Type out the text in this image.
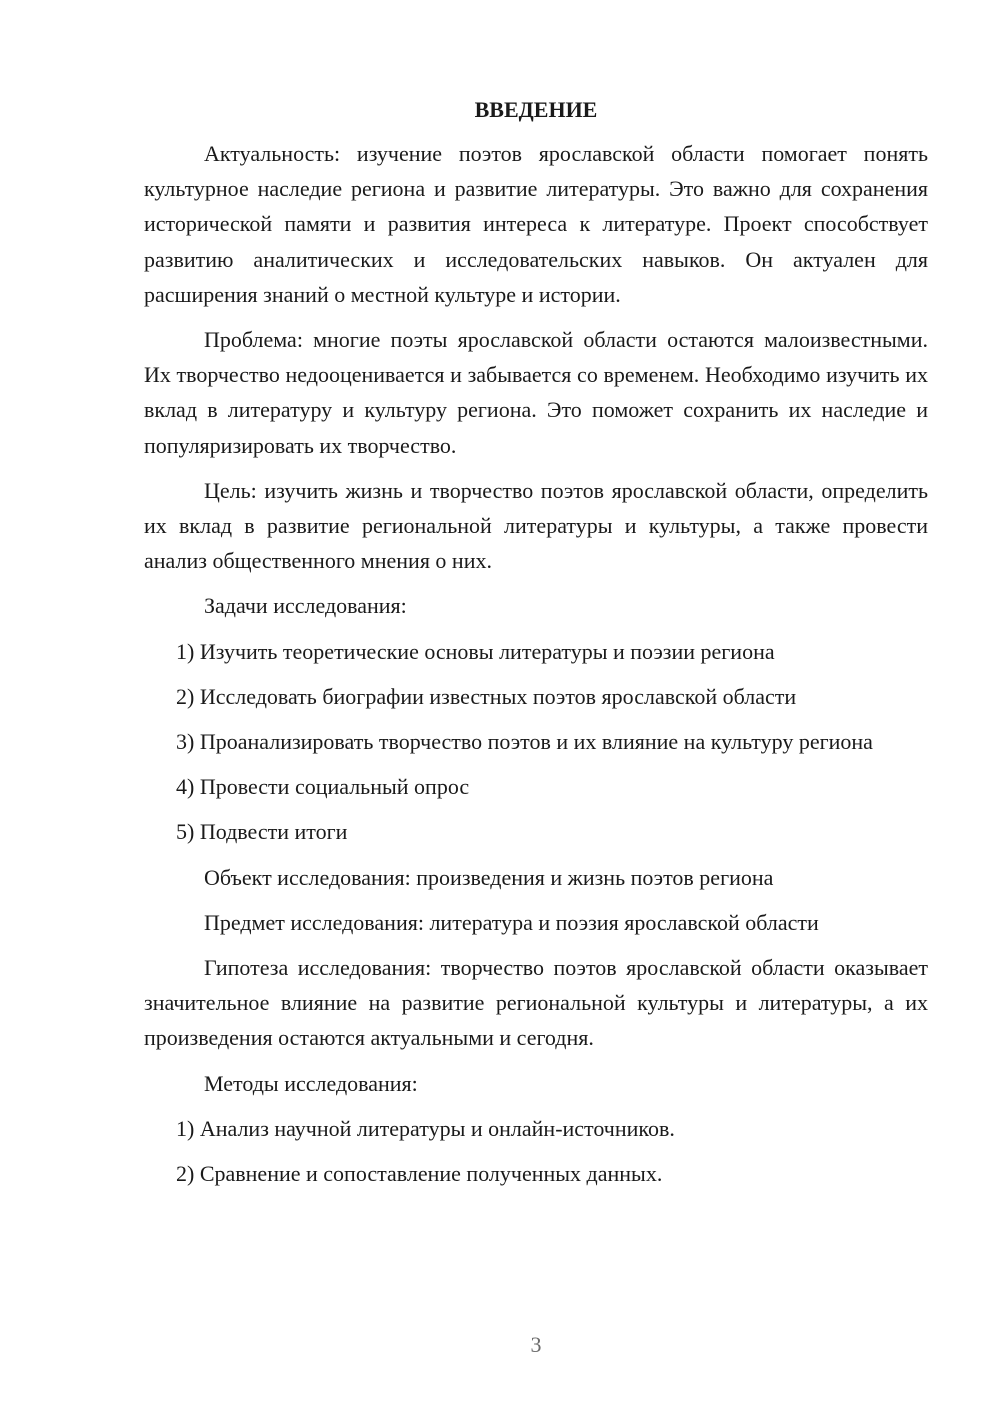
ВВЕДЕНИЕ

Актуальность: изучение поэтов ярославской области помогает понять культурное наследие региона и развитие литературы. Это важно для сохранения исторической памяти и развития интереса к литературе. Проект способствует развитию аналитических и исследовательских навыков. Он актуален для расширения знаний о местной культуре и истории.

Проблема: многие поэты ярославской области остаются малоизвестными. Их творчество недооценивается и забывается со временем. Необходимо изучить их вклад в литературу и культуру региона. Это поможет сохранить их наследие и популяризировать их творчество.

Цель: изучить жизнь и творчество поэтов ярославской области, определить их вклад в развитие региональной литературы и культуры, а также провести анализ общественного мнения о них.

Задачи исследования:

1) Изучить теоретические основы литературы и поэзии региона

2) Исследовать биографии известных поэтов ярославской области

3) Проанализировать творчество поэтов и их влияние на культуру региона

4) Провести социальный опрос

5) Подвести итоги

Объект исследования: произведения и жизнь поэтов региона

Предмет исследования: литература и поэзия ярославской области

Гипотеза исследования: творчество поэтов ярославской области оказывает значительное влияние на развитие региональной культуры и литературы, а их произведения остаются актуальными и сегодня.

Методы исследования:

1) Анализ научной литературы и онлайн-источников.

2) Сравнение и сопоставление полученных данных.

3
